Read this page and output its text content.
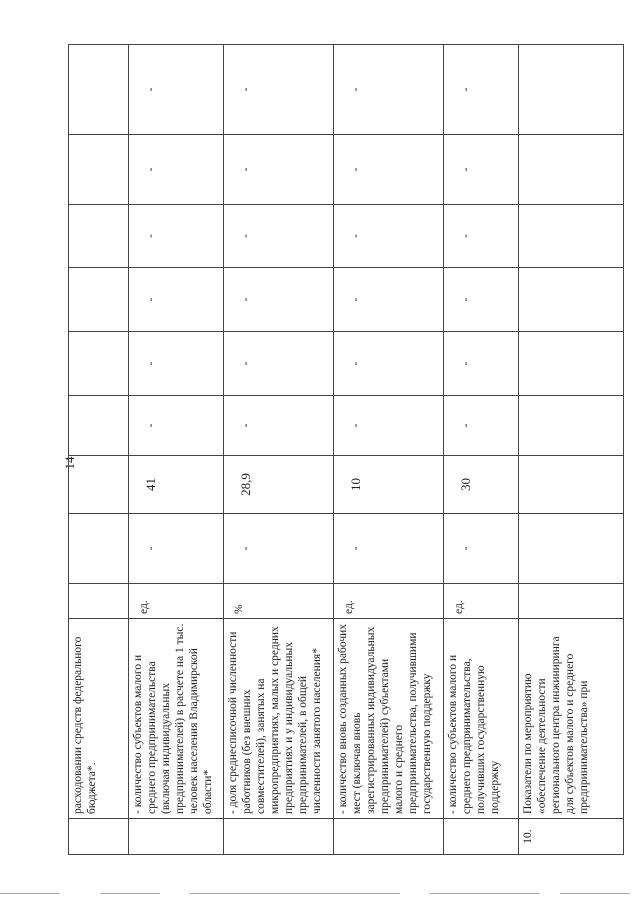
14
	расходовании средств федерального бюджета*.									
	- количество субъектов малого и среднего предпринимательства (включая индивидуальных предпринимателей) в расчете на 1 тыс. человек населения Владимирской области*	ед.	-	41	-	-	-	-	-	-
	- доля среднесписочной численности работников (без внешних совместителей), занятых на микропредприятиях, малых и средних предприятиях и у индивидуальных предпринимателей, в общей численности занятого населения*	%	-	28,9	-	-	-	-	-	-
	- количество вновь созданных рабочих мест (включая вновь зарегистрированных индивидуальных предпринимателей) субъектами малого и среднего предпринимательства, получившими государственную поддержку	ед.	-	10	-	-	-	-	-	-
	- количество субъектов малого и среднего предпринимательства, получивших государственную поддержку	ед.	-	30	-	-	-	-	-	-
10.	Показатели по мероприятию «обеспечение деятельности регионального центра инжиниринга для субъектов малого и среднего предпринимательства» при									
